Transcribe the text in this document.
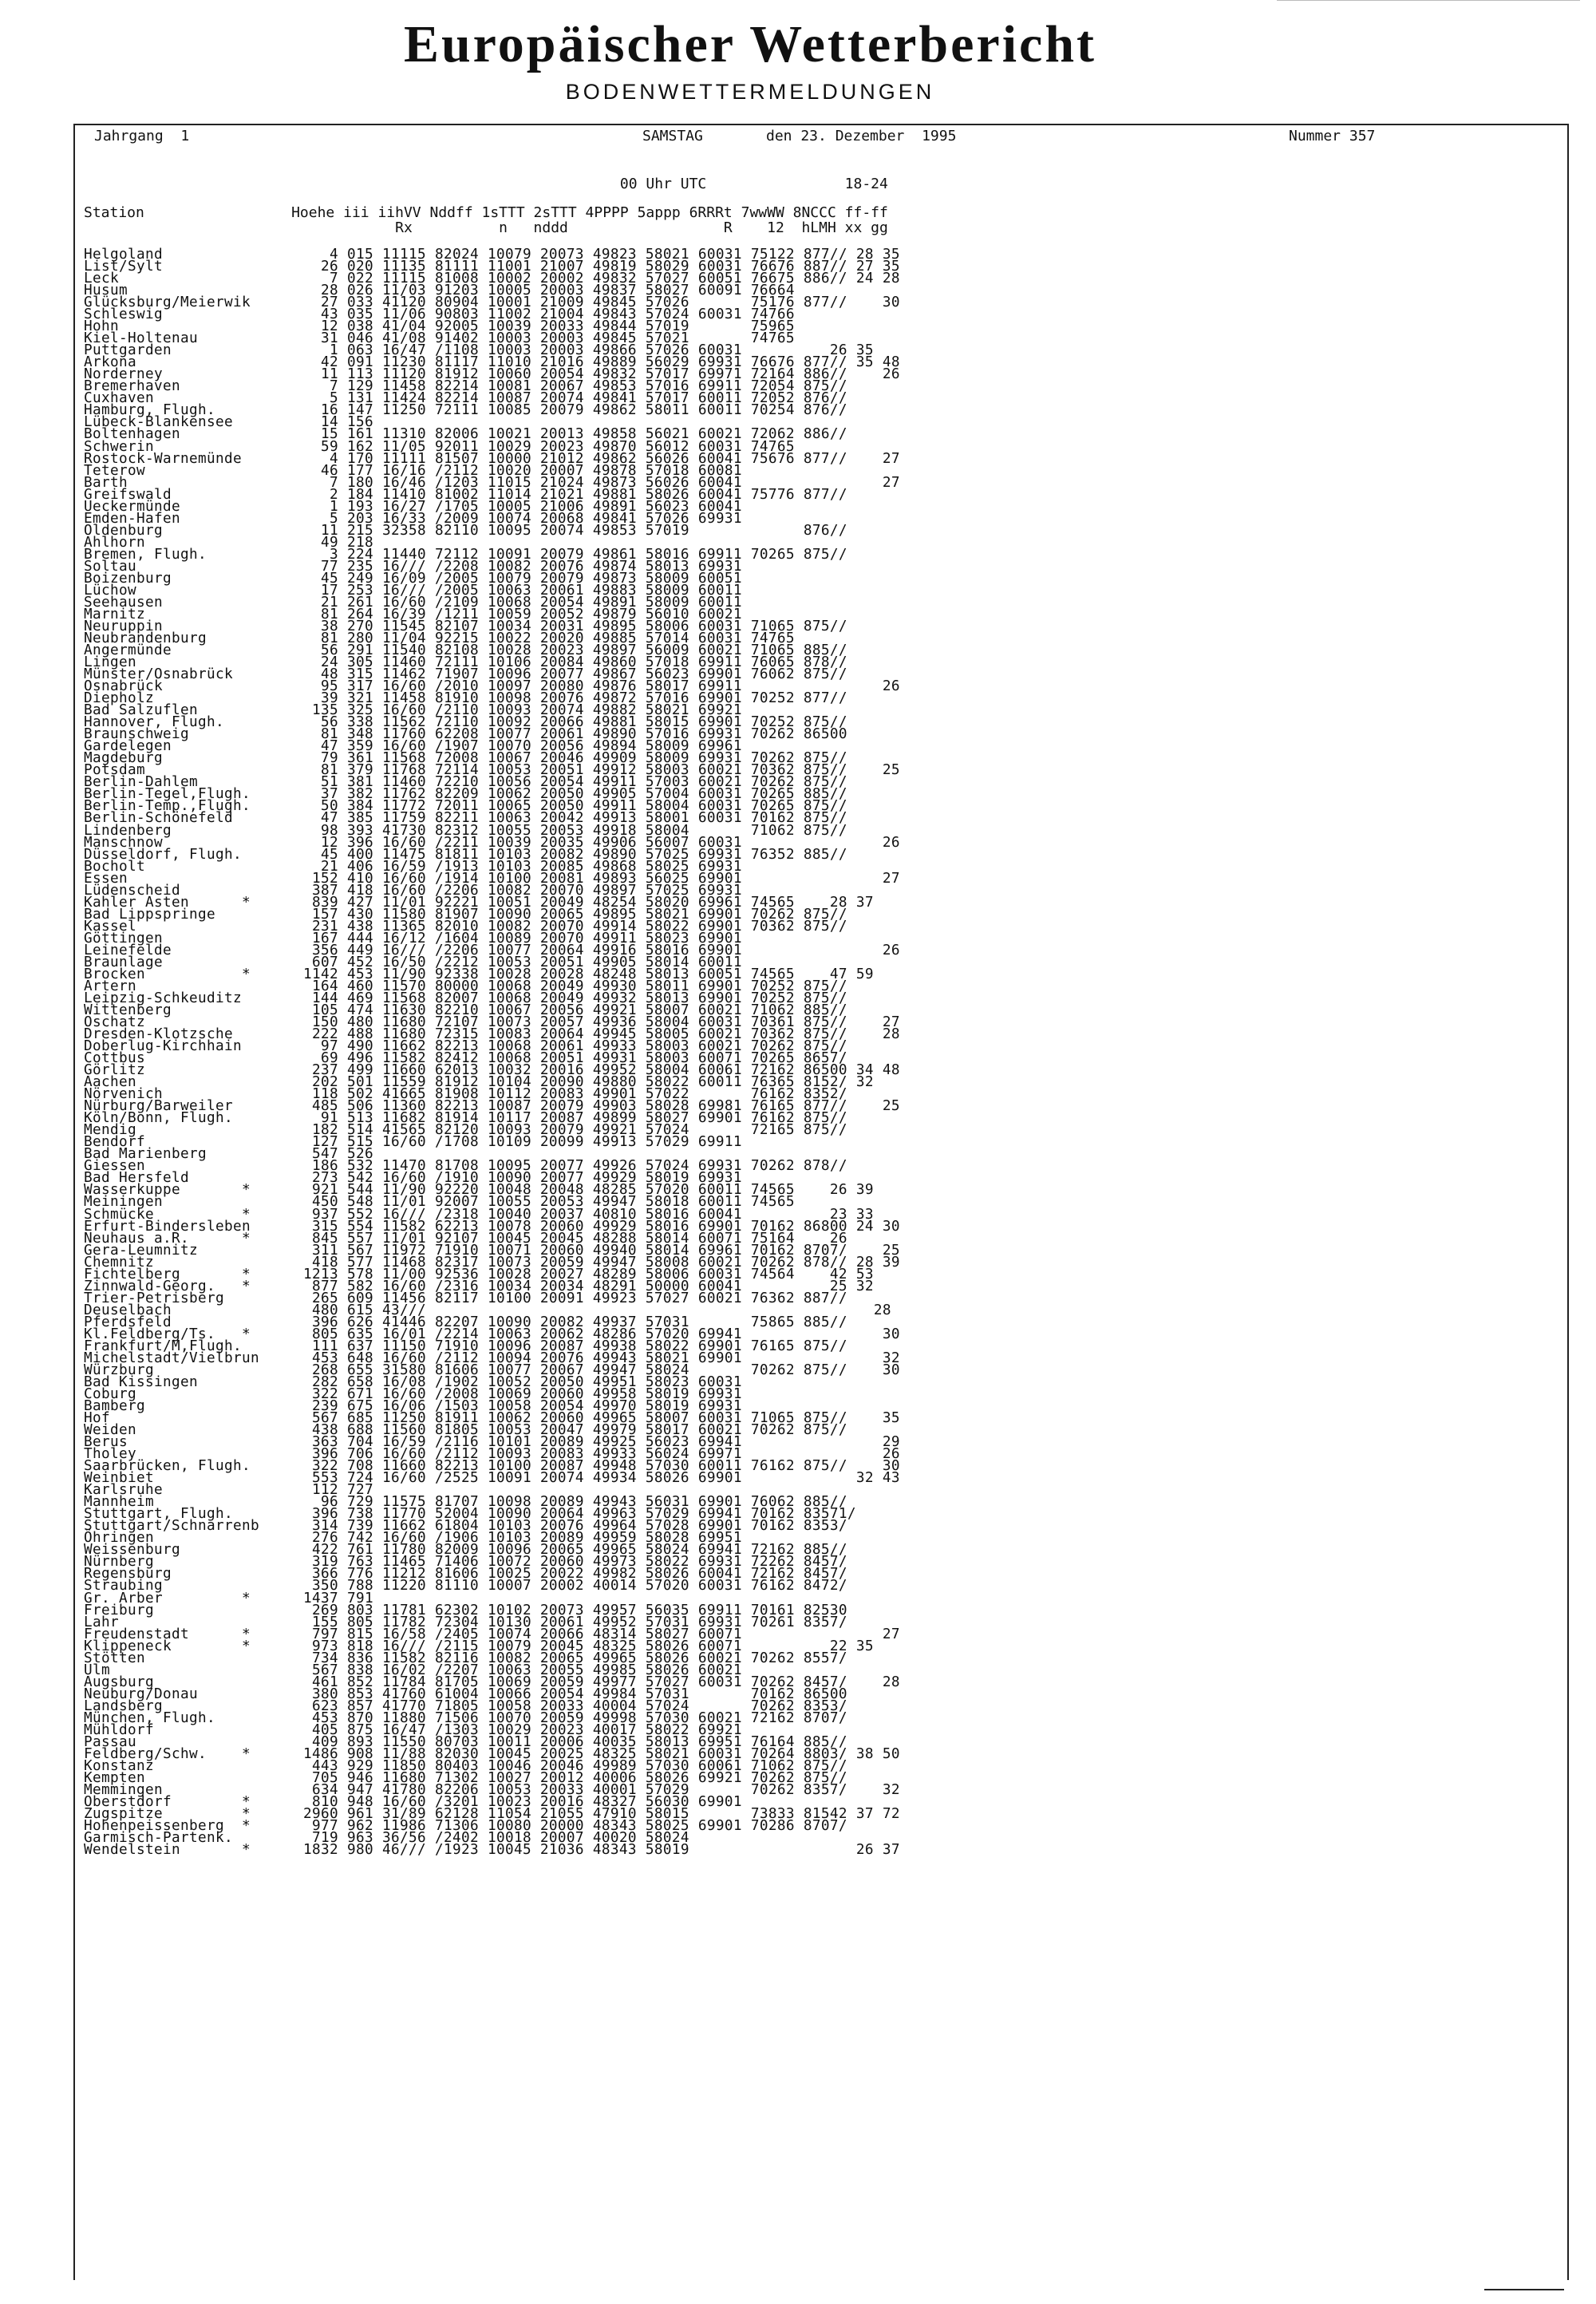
Europäischer Wetterbericht
BODENWETTERMELDUNGEN
Jahrgang  1	SAMSTAG	den 23. Dezember  1995	Nummer 357
00 Uhr UTC                18-24
Station                 Hoehe iii iihVV Nddff 1sTTT 2sTTT 4PPPP 5appp 6RRRt 7wwWW 8NCCC ff-ff
Rx          n   nddd                  R    12  hLMH xx gg
Helgoland                   4 015 11115 82024 10079 20073 49823 58021 60031 75122 877// 28 35
List/Sylt                  26 020 11135 81111 11001 21007 49819 58029 60031 76676 887// 27 35
Leck                        7 022 11115 81008 10002 20002 49832 57027 60051 76675 886// 24 28
Husum                      28 026 11/03 91203 10005 20003 49837 58027 60091 76664
Glücksburg/Meierwik        27 033 41120 80904 10001 21009 49845 57026       75176 877//    30
Schleswig                  43 035 11/06 90803 11002 21004 49843 57024 60031 74766
Hohn                       12 038 41/04 92005 10039 20033 49844 57019       75965
Kiel-Holtenau              31 046 41/08 91402 10003 20003 49845 57021       74765
Puttgarden                  1 063 16/47 /1108 10003 20003 49866 57026 60031          26 35
Arkona                     42 091 11230 81117 11010 21016 49889 56029 69931 76676 877// 35 48
Norderney                  11 113 11120 81912 10060 20054 49832 57017 69971 72164 886//    26
Bremerhaven                 7 129 11458 82214 10081 20067 49853 57016 69911 72054 875//
Cuxhaven                    5 131 11424 82214 10087 20074 49841 57017 60011 72052 876//
Hamburg, Flugh.            16 147 11250 72111 10085 20079 49862 58011 60011 70254 876//
Lübeck-Blankensee          14 156
Boltenhagen                15 161 11310 82006 10021 20013 49858 56021 60021 72062 886//
Schwerin                   59 162 11/05 92011 10029 20023 49870 56012 60031 74765
Rostock-Warnemünde          4 170 11111 81507 10000 21012 49862 56026 60041 75676 877//    27
Teterow                    46 177 16/16 /2112 10020 20007 49878 57018 60081
Barth                       7 180 16/46 /1203 11015 21024 49873 56026 60041                27
Greifswald                  2 184 11410 81002 11014 21021 49881 58026 60041 75776 877//
Ueckermünde                 1 193 16/27 /1705 10005 21006 49891 56023 60041
Emden-Hafen                 5 203 16/33 /2009 10074 20068 49841 57026 69931
Oldenburg                  11 215 32358 82110 10095 20074 49853 57019             876//
Ahlhorn                    49 218
Bremen, Flugh.              3 224 11440 72112 10091 20079 49861 58016 69911 70265 875//
Soltau                     77 235 16/// /2208 10082 20076 49874 58013 69931
Boizenburg                 45 249 16/09 /2005 10079 20079 49873 58009 60051
Lüchow                     17 253 16/// /2005 10063 20061 49883 58009 60011
Seehausen                  21 261 16/60 /2109 10068 20054 49891 58009 60011
Marnitz                    81 264 16/39 /1211 10059 20052 49879 56010 60021
Neuruppin                  38 270 11545 82107 10034 20031 49895 58006 60031 71065 875//
Neubrandenburg             81 280 11/04 92215 10022 20020 49885 57014 60031 74765
Angermünde                 56 291 11540 82108 10028 20023 49897 56009 60021 71065 885//
Lingen                     24 305 11460 72111 10106 20084 49860 57018 69911 76065 878//
Münster/Osnabrück          48 315 11462 71907 10096 20077 49867 56023 69901 76062 875//
Osnabrück                  95 317 16/60 /2010 10097 20080 49876 58017 69911                26
Diepholz                   39 321 11458 81910 10098 20076 49872 57016 69901 70252 877//
Bad Salzuflen             135 325 16/60 /2110 10093 20074 49882 58021 69921
Hannover, Flugh.           56 338 11562 72110 10092 20066 49881 58015 69901 70252 875//
Braunschweig               81 348 11760 62208 10077 20061 49890 57016 69931 70262 86500
Gardelegen                 47 359 16/60 /1907 10070 20056 49894 58009 69961
Magdeburg                  79 361 11568 72008 10067 20046 49909 58009 69931 70262 875//
Potsdam                    81 379 11768 72114 10053 20051 49912 58003 60021 70362 875//    25
Berlin-Dahlem              51 381 11460 72210 10056 20054 49911 57003 60021 70262 875//
Berlin-Tegel,Flugh.        37 382 11762 82209 10062 20050 49905 57004 60031 70265 885//
Berlin-Temp.,Flugh.        50 384 11772 72011 10065 20050 49911 58004 60031 70265 875//
Berlin-Schönefeld          47 385 11759 82211 10063 20042 49913 58001 60031 70162 875//
Lindenberg                 98 393 41730 82312 10055 20053 49918 58004       71062 875//
Manschnow                  12 396 16/60 /2211 10039 20035 49906 56007 60031                26
Düsseldorf, Flugh.         45 400 11475 81811 10103 20082 49890 57025 69931 76352 885//
Bocholt                    21 406 16/59 /1913 10103 20085 49868 58025 69931
Essen                     152 410 16/60 /1914 10100 20081 49893 56025 69901                27
Lüdenscheid               387 418 16/60 /2206 10082 20070 49897 57025 69931
Kahler Asten      *       839 427 11/01 92221 10051 20049 48254 58020 69961 74565    28 37
Bad Lippspringe           157 430 11580 81907 10090 20065 49895 58021 69901 70262 875//
Kassel                    231 438 11365 82010 10082 20070 49914 58022 69901 70362 875//
Göttingen                 167 444 16/12 /1604 10089 20070 49911 58023 69901
Leinefelde                356 449 16/// /2206 10077 20064 49916 58016 69901                26
Braunlage                 607 452 16/50 /2212 10053 20051 49905 58014 60011
Brocken           *      1142 453 11/90 92338 10028 20028 48248 58013 60051 74565    47 59
Artern                    164 460 11570 80000 10068 20049 49930 58011 69901 70252 875//
Leipzig-Schkeuditz        144 469 11568 82007 10068 20049 49932 58013 69901 70252 875//
Wittenberg                105 474 11630 82210 10067 20056 49921 58007 60021 71062 885//
Oschatz                   150 480 11680 72107 10073 20057 49936 58004 60031 70361 875//    27
Dresden-Klotzsche         222 488 11680 72315 10083 20064 49945 58005 60021 70362 875//    28
Doberlug-Kirchhain         97 490 11662 82213 10068 20061 49933 58003 60021 70262 875//
Cottbus                    69 496 11582 82412 10068 20051 49931 58003 60071 70265 8657/
Görlitz                   237 499 11660 62013 10032 20016 49952 58004 60061 72162 86500 34 48
Aachen                    202 501 11559 81912 10104 20090 49880 58022 60011 76365 8152/ 32
Nörvenich                 118 502 41665 81908 10112 20083 49901 57022       76162 8352/
Nürburg/Barweiler         485 506 11360 82213 10087 20079 49903 58028 69981 76165 877//    25
Köln/Bonn, Flugh.          91 513 11682 81914 10117 20087 49899 58027 69901 76162 875//
Mendig                    182 514 41565 82120 10093 20079 49921 57024       72165 875//
Bendorf                   127 515 16/60 /1708 10109 20099 49913 57029 69911
Bad Marienberg            547 526
Giessen                   186 532 11470 81708 10095 20077 49926 57024 69931 70262 878//
Bad Hersfeld              273 542 16/60 /1910 10090 20077 49929 58019 69931
Wasserkuppe       *       921 544 11/90 92220 10048 20048 48285 57020 60011 74565    26 39
Meiningen                 450 548 11/01 92007 10055 20053 49947 58018 60011 74565
Schmücke          *       937 552 16/// /2318 10040 20037 40810 58016 60041          23 33
Erfurt-Bindersleben       315 554 11582 62213 10078 20060 49929 58016 69901 70162 86800 24 30
Neuhaus a.R.      *       845 557 11/01 92107 10045 20045 48288 58014 60071 75164    26
Gera-Leumnitz             311 567 11972 71910 10071 20060 49940 58014 69961 70162 8707/    25
Chemnitz                  418 577 11468 82317 10073 20059 49947 58008 60021 70262 878// 28 39
Fichtelberg       *      1213 578 11/00 92536 10028 20027 48289 58006 60031 74564    42 53
Zinnwald-Georg.   *       877 582 16/60 /2316 10034 20034 48291 50000 60041          25 32
Trier-Petrisberg          265 609 11456 82117 10100 20091 49923 57027 60021 76362 887//
Deuselbach                480 615 43///                                                   28
Pferdsfeld                396 626 41446 82207 10090 20082 49937 57031       75865 885//
Kl.Feldberg/Ts.   *       805 635 16/01 /2214 10063 20062 48286 57020 69941                30
Frankfurt/M,Flugh.        111 637 11150 71910 10096 20087 49938 58022 69901 76165 875//
Michelstadt/Vielbrun      453 648 16/60 /2112 10094 20076 49943 58021 69901                32
Würzburg                  268 655 31580 81606 10077 20067 49947 58024       70262 875//    30
Bad Kissingen             282 658 16/08 /1902 10052 20050 49951 58023 60031
Coburg                    322 671 16/60 /2008 10069 20060 49958 58019 69931
Bamberg                   239 675 16/06 /1503 10058 20054 49970 58019 69931
Hof                       567 685 11250 81911 10062 20060 49965 58007 60031 71065 875//    35
Weiden                    438 688 11560 81805 10053 20047 49979 58017 60021 70262 875//
Berus                     363 704 16/59 /2116 10101 20089 49925 56023 69941                29
Tholey                    396 706 16/60 /2112 10093 20083 49933 56024 69971                26
Saarbrücken, Flugh.       322 708 11660 82213 10100 20087 49948 57030 60011 76162 875//    30
Weinbiet                  553 724 16/60 /2525 10091 20074 49934 58026 69901             32 43
Karlsruhe                 112 727
Mannheim                   96 729 11575 81707 10098 20089 49943 56031 69901 76062 885//
Stuttgart, Flugh.         396 738 11770 52004 10090 20064 49963 57029 69941 70162 83571/
Stuttgart/Schnarrenb      314 739 11662 61804 10103 20076 49964 57028 69901 70162 8353/
Öhringen                  276 742 16/60 /1906 10103 20089 49959 58028 69951
Weissenburg               422 761 11780 82009 10096 20065 49965 58024 69941 72162 885//
Nürnberg                  319 763 11465 71406 10072 20060 49973 58022 69931 72262 8457/
Regensburg                366 776 11212 81606 10025 20022 49982 58026 60041 72162 8457/
Straubing                 350 788 11220 81110 10007 20002 40014 57020 60031 76162 8472/
Gr. Arber         *      1437 791
Freiburg                  269 803 11781 62302 10102 20073 49957 56035 69911 70161 82530
Lahr                      155 805 11782 72304 10130 20061 49952 57031 69931 70261 8357/
Freudenstadt      *       797 815 16/58 /2405 10074 20066 48314 58027 60071                27
Klippeneck        *       973 818 16/// /2115 10079 20045 48325 58026 60071          22 35
Stötten                   734 836 11582 82116 10082 20065 49965 58026 60021 70262 8557/
Ulm                       567 838 16/02 /2207 10063 20055 49985 58026 60021
Augsburg                  461 852 11784 81705 10069 20059 49977 57027 60031 70262 8457/    28
Neuburg/Donau             380 853 41760 61004 10066 20054 49984 57031       70162 86500
Landsberg                 623 857 41770 71805 10058 20033 40004 57024       70262 8353/
München, Flugh.           453 870 11880 71506 10070 20059 49998 57030 60021 72162 8707/
Mühldorf                  405 875 16/47 /1303 10029 20023 40017 58022 69921
Passau                    409 893 11550 80703 10011 20006 40035 58013 69951 76164 885//
Feldberg/Schw.    *      1486 908 11/88 82030 10045 20025 48325 58021 60031 70264 8803/ 38 50
Konstanz                  443 929 11850 80403 10046 20046 49989 57030 60061 71062 875//
Kempten                   705 946 11680 71302 10027 20012 40006 58026 69921 70262 875//
Memmingen                 634 947 41780 82206 10053 20033 40001 57029       70262 8357/    32
Oberstdorf        *       810 948 16/60 /3201 10023 20016 48327 56030 69901
Zugspitze         *      2960 961 31/89 62128 11054 21055 47910 58015       73833 81542 37 72
Hohenpeissenberg  *       977 962 11986 71306 10080 20000 48343 58025 69901 70286 8707/
Garmisch-Partenk.         719 963 36/56 /2402 10018 20007 40020 58024
Wendelstein       *      1832 980 46/// /1923 10045 21036 48343 58019                   26 37
